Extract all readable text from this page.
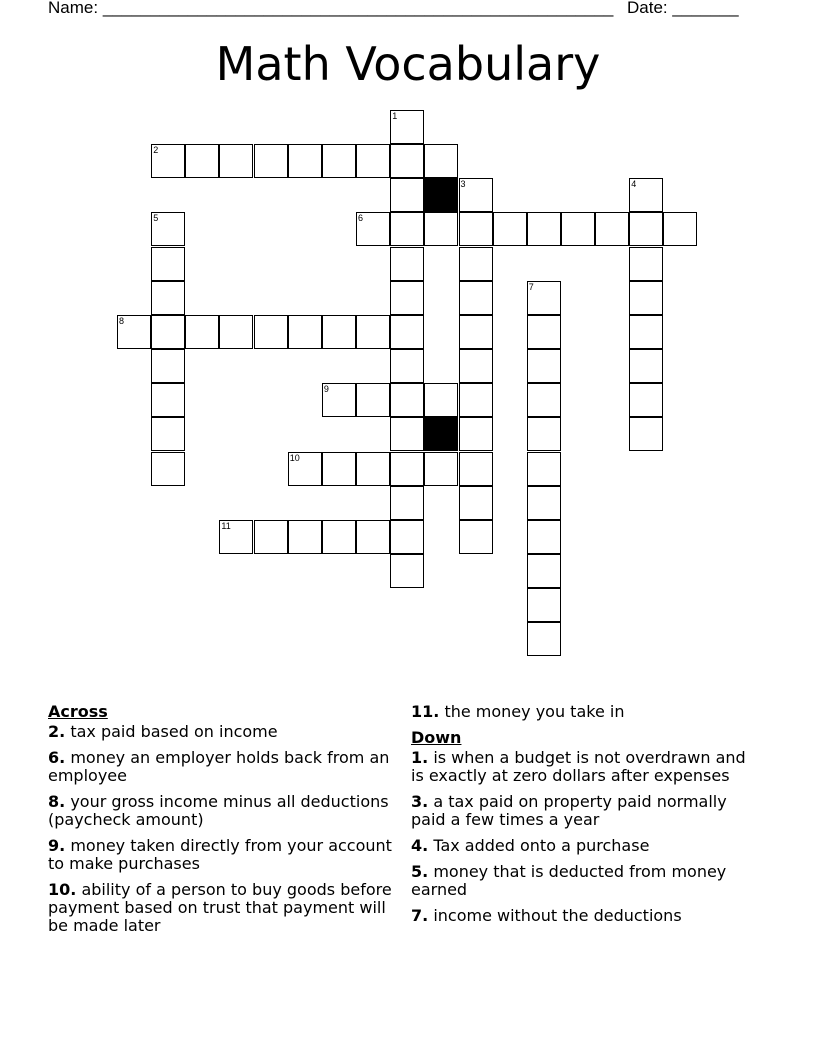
Name: ______________________________________________________ Date: _______
Math Vocabulary
2
6
8
9
10
11
1
3	4
5
7
Across
2. tax paid based on income
6. money an employer holds back from an employee
8. your gross income minus all deductions (paycheck amount)
9. money taken directly from your account to make purchases
10. ability of a person to buy goods before payment based on trust that payment will be made later
11. the money you take in
Down
1. is when a budget is not overdrawn and is exactly at zero dollars after expenses
3. a tax paid on property paid normally paid a few times a year
4. Tax added onto a purchase
5. money that is deducted from money earned
7. income without the deductions
